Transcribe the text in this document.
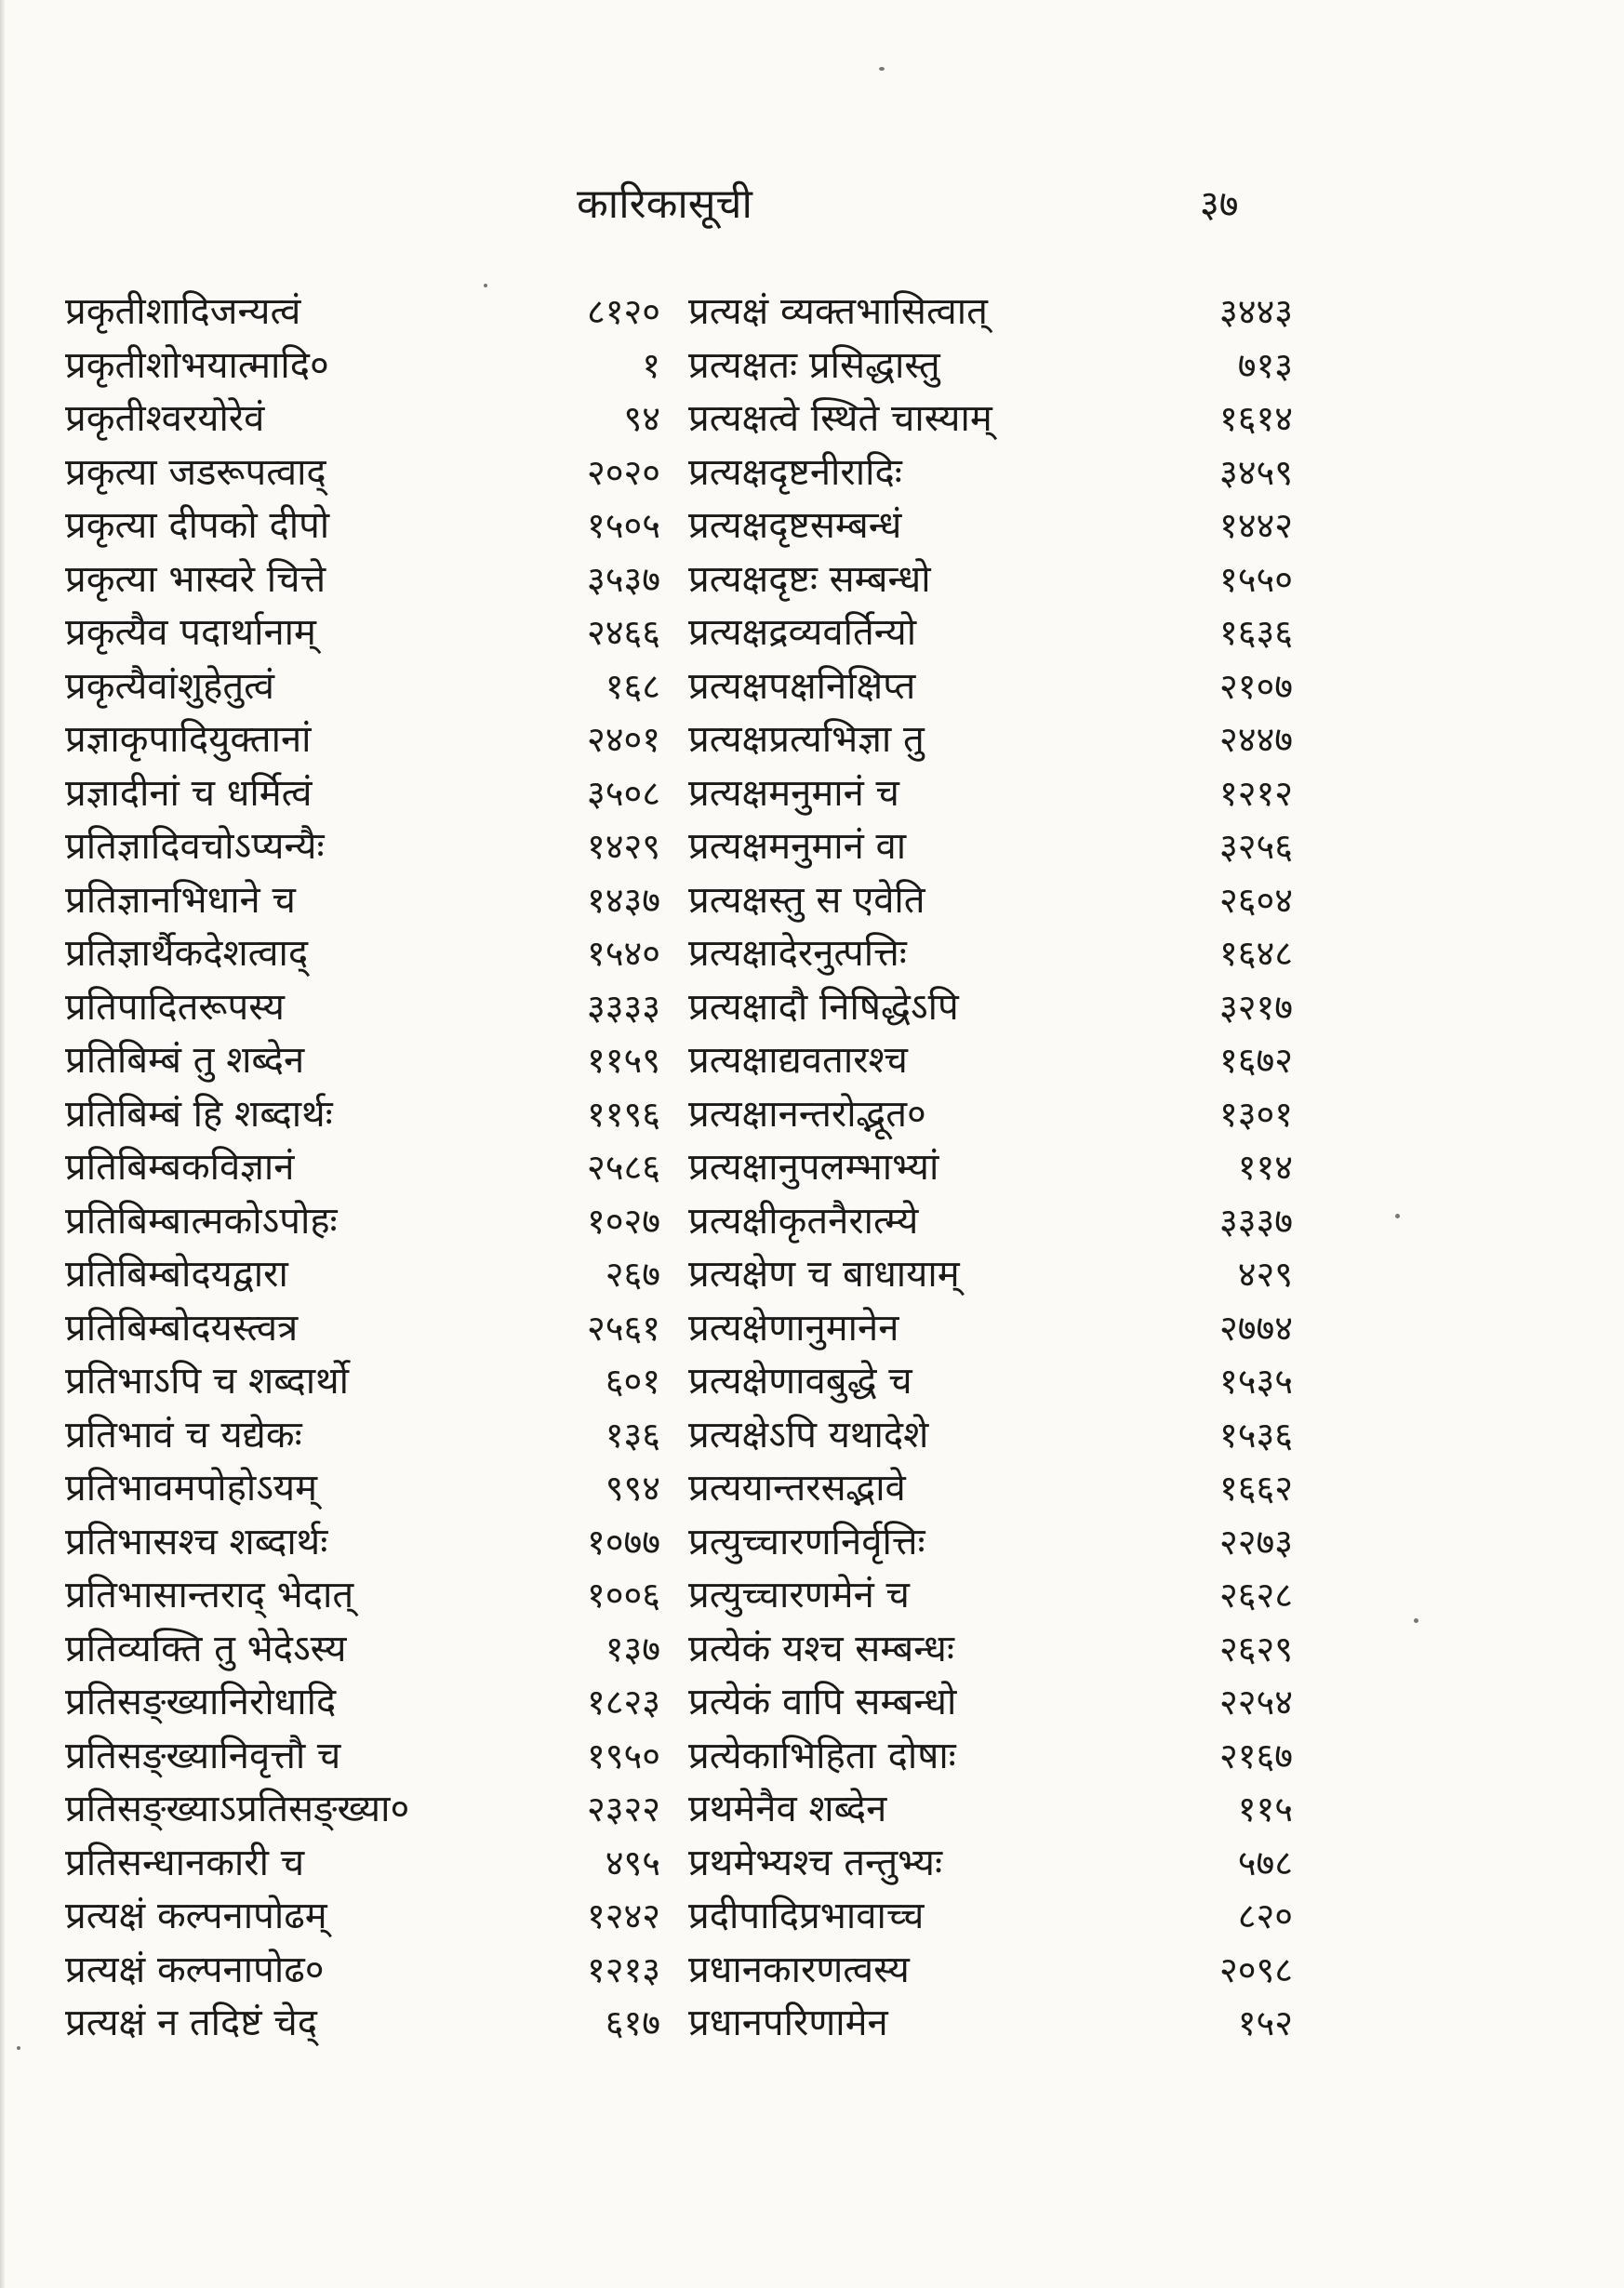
कारिकासूची	३७
प्रकृतीशादिजन्यत्वं	८१२०
प्रकृतीशोभयात्मादि०	१
प्रकृतीश्वरयोरेवं	९४
प्रकृत्या जडरूपत्वाद्	२०२०
प्रकृत्या दीपको दीपो	१५०५
प्रकृत्या भास्वरे चित्ते	३५३७
प्रकृत्यैव पदार्थानाम्	२४६६
प्रकृत्यैवांशुहेतुत्वं	१६८
प्रज्ञाकृपादियुक्तानां	२४०१
प्रज्ञादीनां च धर्मित्वं	३५०८
प्रतिज्ञादिवचोऽप्यन्यैः	१४२९
प्रतिज्ञानभिधाने च	१४३७
प्रतिज्ञार्थैकदेशत्वाद्	१५४०
प्रतिपादितरूपस्य	३३३३
प्रतिबिम्बं तु शब्देन	११५९
प्रतिबिम्बं हि शब्दार्थः	११९६
प्रतिबिम्बकविज्ञानं	२५८६
प्रतिबिम्बात्मकोऽपोहः	१०२७
प्रतिबिम्बोदयद्वारा	२६७
प्रतिबिम्बोदयस्त्वत्र	२५६१
प्रतिभाऽपि च शब्दार्थो	६०१
प्रतिभावं च यद्येकः	१३६
प्रतिभावमपोहोऽयम्	९९४
प्रतिभासश्च शब्दार्थः	१०७७
प्रतिभासान्तराद् भेदात्	१००६
प्रतिव्यक्ति तु भेदेऽस्य	१३७
प्रतिसङ्ख्यानिरोधादि	१८२३
प्रतिसङ्ख्यानिवृत्तौ च	१९५०
प्रतिसङ्ख्याऽप्रतिसङ्ख्या०	२३२२
प्रतिसन्धानकारी च	४९५
प्रत्यक्षं कल्पनापोढम्	१२४२
प्रत्यक्षं कल्पनापोढ०	१२१३
प्रत्यक्षं न तदिष्टं चेद्	६१७
प्रत्यक्षं व्यक्तभासित्वात्	३४४३
प्रत्यक्षतः प्रसिद्धास्तु	७१३
प्रत्यक्षत्वे स्थिते चास्याम्	१६१४
प्रत्यक्षदृष्टनीरादिः	३४५९
प्रत्यक्षदृष्टसम्बन्धं	१४४२
प्रत्यक्षदृष्टः सम्बन्धो	१५५०
प्रत्यक्षद्रव्यवर्तिन्यो	१६३६
प्रत्यक्षपक्षनिक्षिप्त	२१०७
प्रत्यक्षप्रत्यभिज्ञा तु	२४४७
प्रत्यक्षमनुमानं च	१२१२
प्रत्यक्षमनुमानं वा	३२५६
प्रत्यक्षस्तु स एवेति	२६०४
प्रत्यक्षादेरनुत्पत्तिः	१६४८
प्रत्यक्षादौ निषिद्धेऽपि	३२१७
प्रत्यक्षाद्यवतारश्च	१६७२
प्रत्यक्षानन्तरोद्भूत०	१३०१
प्रत्यक्षानुपलम्भाभ्यां	११४
प्रत्यक्षीकृतनैरात्म्ये	३३३७
प्रत्यक्षेण च बाधायाम्	४२९
प्रत्यक्षेणानुमानेन	२७७४
प्रत्यक्षेणावबुद्धे च	१५३५
प्रत्यक्षेऽपि यथादेशे	१५३६
प्रत्ययान्तरसद्भावे	१६६२
प्रत्युच्चारणनिर्वृत्तिः	२२७३
प्रत्युच्चारणमेनं च	२६२८
प्रत्येकं यश्च सम्बन्धः	२६२९
प्रत्येकं वापि सम्बन्धो	२२५४
प्रत्येकाभिहिता दोषाः	२१६७
प्रथमेनैव शब्देन	११५
प्रथमेभ्यश्च तन्तुभ्यः	५७८
प्रदीपादिप्रभावाच्च	८२०
प्रधानकारणत्वस्य	२०९८
प्रधानपरिणामेन	१५२
